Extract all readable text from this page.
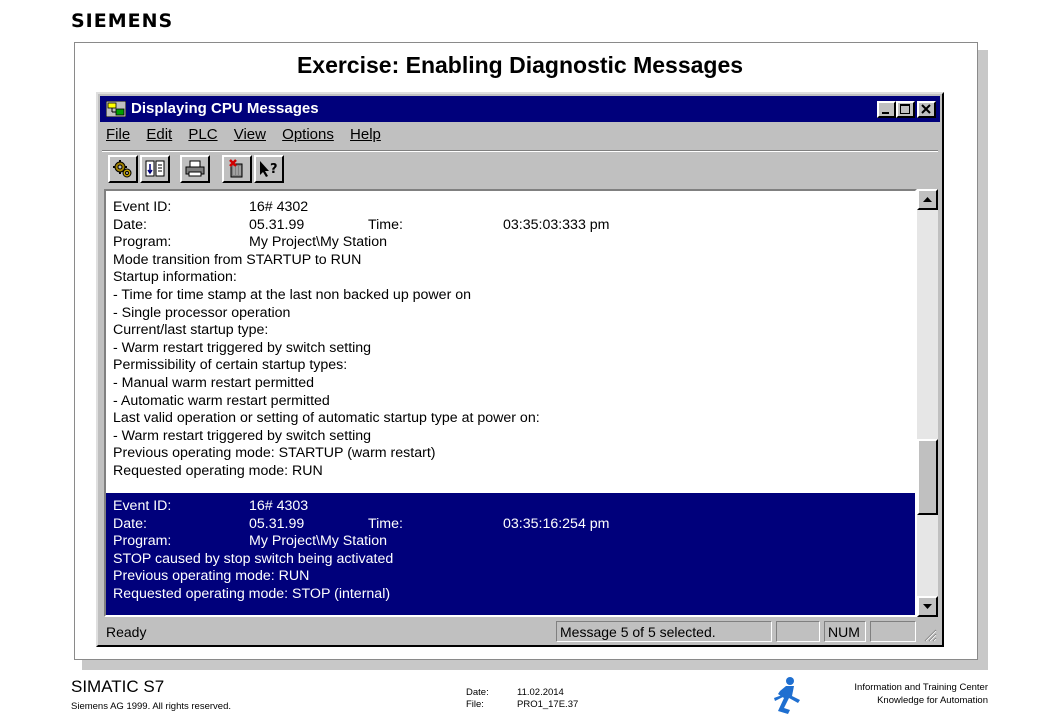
SIEMENS
Exercise: Enabling Diagnostic Messages
Displaying CPU Messages
File Edit PLC View Options Help
?
Event ID:	16# 4302
Date:	05.31.99	Time:	03:35:03:333 pm
Program:	My Project\My Station
Mode transition from STARTUP to RUN
Startup information:
- Time for time stamp at the last non backed up power on
- Single processor operation
Current/last startup type:
- Warm restart triggered by switch setting
Permissibility of certain startup types:
- Manual warm restart permitted
- Automatic warm restart permitted
Last valid operation or setting of automatic startup type at power on:
- Warm restart triggered by switch setting
Previous operating mode: STARTUP (warm restart)
Requested operating mode: RUN
Event ID:	16# 4303
Date:	05.31.99	Time:	03:35:16:254 pm
Program:	My Project\My Station
STOP caused by stop switch being activated
Previous operating mode: RUN
Requested operating mode: STOP (internal)
Ready	Message 5 of 5 selected.	NUM
SIMATIC S7
Siemens AG 1999. All rights reserved.
Date:	11.02.2014
File:	PRO1_17E.37
Information and Training Center
Knowledge for Automation
